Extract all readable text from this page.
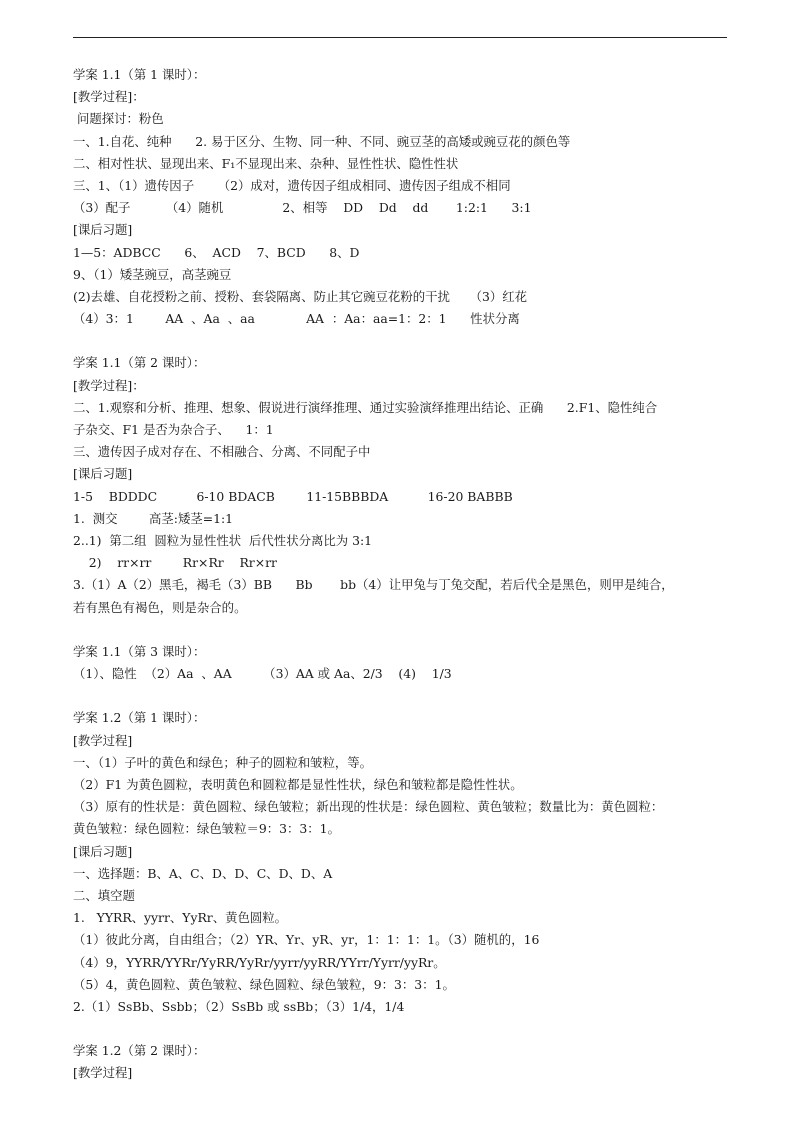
学案 1.1（第 1 课时）：
[教学过程]：
问题探讨：粉色
一、1.自花、纯种      2. 易于区分、生物、同一种、不同、豌豆茎的高矮或豌豆花的颜色等
二、相对性状、显现出来、F₁不显现出来、杂种、显性性状、隐性性状
三、1、（1）遗传因子      （2）成对，遗传因子组成相同、遗传因子组成不相同
（3）配子         （4）随机               2、相等    DD    Dd    dd       1:2:1      3:1
[课后习题]
1—5：ADBCC      6、  ACD    7、BCD      8、D
9、（1）矮茎豌豆，高茎豌豆
(2)去雄、自花授粉之前、授粉、套袋隔离、防止其它豌豆花粉的干扰     （3）红花
（4）3：1        AA  、Aa  、aa             AA  ：Aa：aa=1：2：1      性状分离
学案 1.1（第 2 课时）：
[教学过程]：
二、1.观察和分析、推理、想象、假说进行演绎推理、通过实验演绎推理出结论、正确      2.F1、隐性纯合
子杂交、F1 是否为杂合子、    1：1
三、遗传因子成对存在、不相融合、分离、不同配子中
[课后习题]
1-5    BDDDC          6-10 BDACB        11-15BBBDA          16-20 BABBB
1.  测交        高茎:矮茎=1:1
2..1)  第二组  圆粒为显性性状  后代性状分离比为 3:1
2)    rr×rr        Rr×Rr    Rr×rr
3.（1）A（2）黑毛，褐毛（3）BB      Bb       bb（4）让甲兔与丁兔交配，若后代全是黑色，则甲是纯合，
若有黑色有褐色，则是杂合的。
学案 1.1（第 3 课时）：
（1）、隐性  （2）Aa  、AA        （3）AA 或 Aa、2/3    (4)    1/3
学案 1.2（第 1 课时）：
[教学过程]
一、（1）子叶的黄色和绿色；种子的圆粒和皱粒，等。
（2）F1 为黄色圆粒，表明黄色和圆粒都是显性性状，绿色和皱粒都是隐性性状。
（3）原有的性状是：黄色圆粒、绿色皱粒；新出现的性状是：绿色圆粒、黄色皱粒；数量比为：黄色圆粒：
黄色皱粒：绿色圆粒：绿色皱粒＝9：3：3：1。
[课后习题]
一、选择题：B、A、C、D、D、C、D、D、A
二、填空题
1.   YYRR、yyrr、YyRr、黄色圆粒。
（1）彼此分离，自由组合；（2）YR、Yr、yR、yr，1：1：1：1。（3）随机的，16
（4）9，YYRR/YYRr/YyRR/YyRr/yyrr/yyRR/YYrr/Yyrr/yyRr。
（5）4，黄色圆粒、黄色皱粒、绿色圆粒、绿色皱粒，9：3：3：1。
2.（1）SsBb、Ssbb；（2）SsBb 或 ssBb；（3）1/4，1/4
学案 1.2（第 2 课时）：
[教学过程]
